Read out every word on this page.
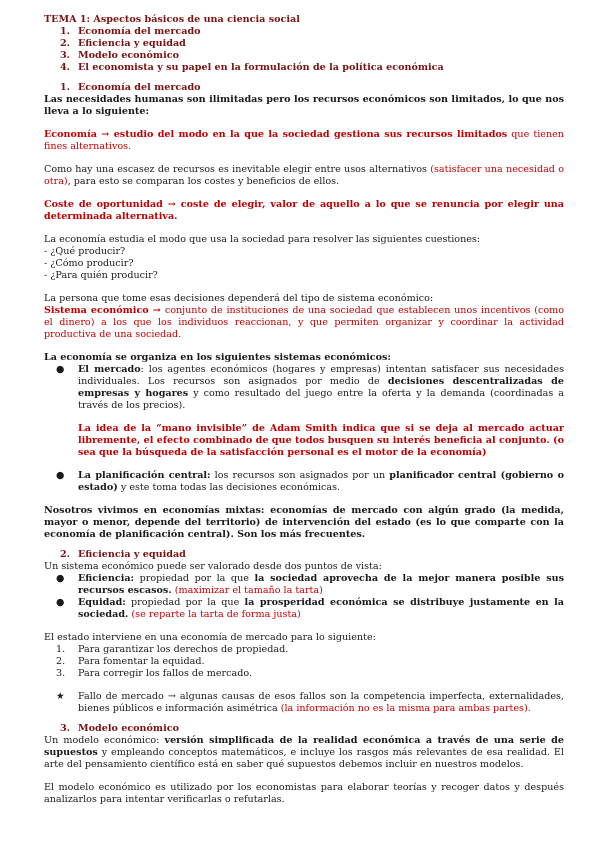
TEMA 1: Aspectos básicos de una ciencia social

1. Economía del mercado
2. Eficiencia y equidad
3. Modelo económico
4. El economista y su papel en la formulación de la política económica
1. Economía del mercado

Las necesidades humanas son ilimitadas pero los recursos económicos son limitados, lo que nos lleva a lo siguiente:

Economía → estudio del modo en la que la sociedad gestiona sus recursos limitados que tienen fines alternativos.

Como hay una escasez de recursos es inevitable elegir entre usos alternativos (satisfacer una necesidad o otra), para esto se comparan los costes y beneficios de ellos.

Coste de oportunidad → coste de elegir, valor de aquello a lo que se renuncia por elegir una determinada alternativa.

La economía estudia el modo que usa la sociedad para resolver las siguientes cuestiones:

- ¿Qué producir?

- ¿Cómo producir?

- ¿Para quién producir?

La persona que tome esas decisiones dependerá del tipo de sistema económico:

Sistema económico → conjunto de instituciones de una sociedad que establecen unos incentivos (como el dinero) a los que los individuos reaccionan, y que permiten organizar y coordinar la actividad productiva de una sociedad.

La economía se organiza en los siguientes sistemas económicos:

●	El mercado: los agentes económicos (hogares y empresas) intentan satisfacer sus necesidades individuales. Los recursos son asignados por medio de decisiones descentralizadas de empresas y hogares y como resultado del juego entre la oferta y la demanda (coordinadas a través de los precios).

La idea de la “mano invisible” de Adam Smith indica que si se deja al mercado actuar libremente, el efecto combinado de que todos busquen su interés beneficia al conjunto. (o sea que la búsqueda de la satisfacción personal es el motor de la economía)

●	La planificación central: los recursos son asignados por un planificador central (gobierno o estado) y este toma todas las decisiones económicas.

Nosotros vivimos en economías mixtas: economías de mercado con algún grado (la medida, mayor o menor, depende del territorio) de intervención del estado (es lo que comparte con la economía de planificación central). Son los más frecuentes.

2. Eficiencia y equidad

Un sistema económico puede ser valorado desde dos puntos de vista:

●	Eficiencia: propiedad por la que la sociedad aprovecha de la mejor manera posible sus recursos escasos. (maximizar el tamaño la tarta)
●	Equidad: propiedad por la que la prosperidad económica se distribuye justamente en la sociedad. (se reparte la tarta de forma justa)

El estado interviene en una economía de mercado para lo siguiente:

1.	Para garantizar los derechos de propiedad.
2.	Para fomentar la equidad.
3.	Para corregir los fallos de mercado.
★	Fallo de mercado → algunas causas de esos fallos son la competencia imperfecta, externalidades, bienes públicos e información asimétrica (la información no es la misma para ambas partes).
3. Modelo económico

Un modelo económico: versión simplificada de la realidad económica a través de una serie de supuestos y empleando conceptos matemáticos, e incluye los rasgos más relevantes de esa realidad. El arte del pensamiento científico está en saber qué supuestos debemos incluir en nuestros modelos.

El modelo económico es utilizado por los economistas para elaborar teorías y recoger datos y después analizarlos para intentar verificarlas o refutarlas.
